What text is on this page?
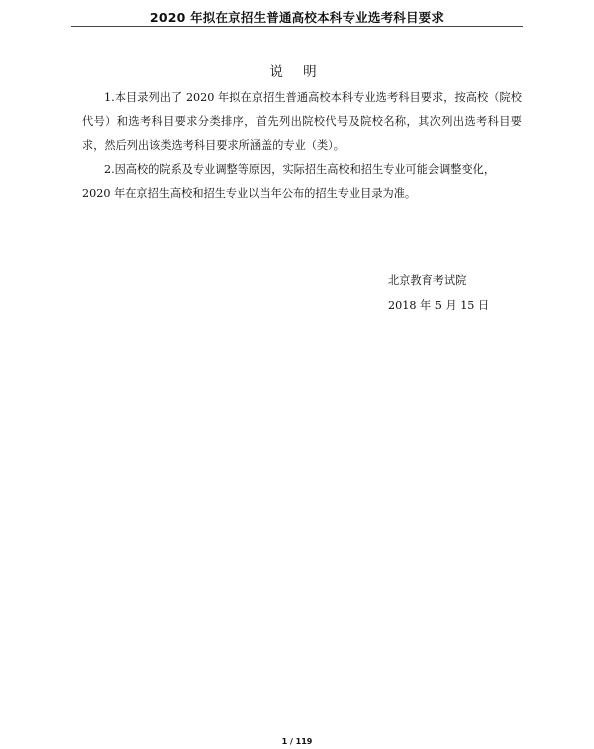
2020 年拟在京招生普通高校本科专业选考科目要求
说 明

1.本目录列出了 2020 年拟在京招生普通高校本科专业选考科目要求，按高校（院校代号）和选考科目要求分类排序，首先列出院校代号及院校名称，其次列出选考科目要求，然后列出该类选考科目要求所涵盖的专业（类）。

2.因高校的院系及专业调整等原因，实际招生高校和招生专业可能会调整变化，

2020 年在京招生高校和招生专业以当年公布的招生专业目录为准。

北京教育考试院
2018 年 5 月 15 日
1 / 119
